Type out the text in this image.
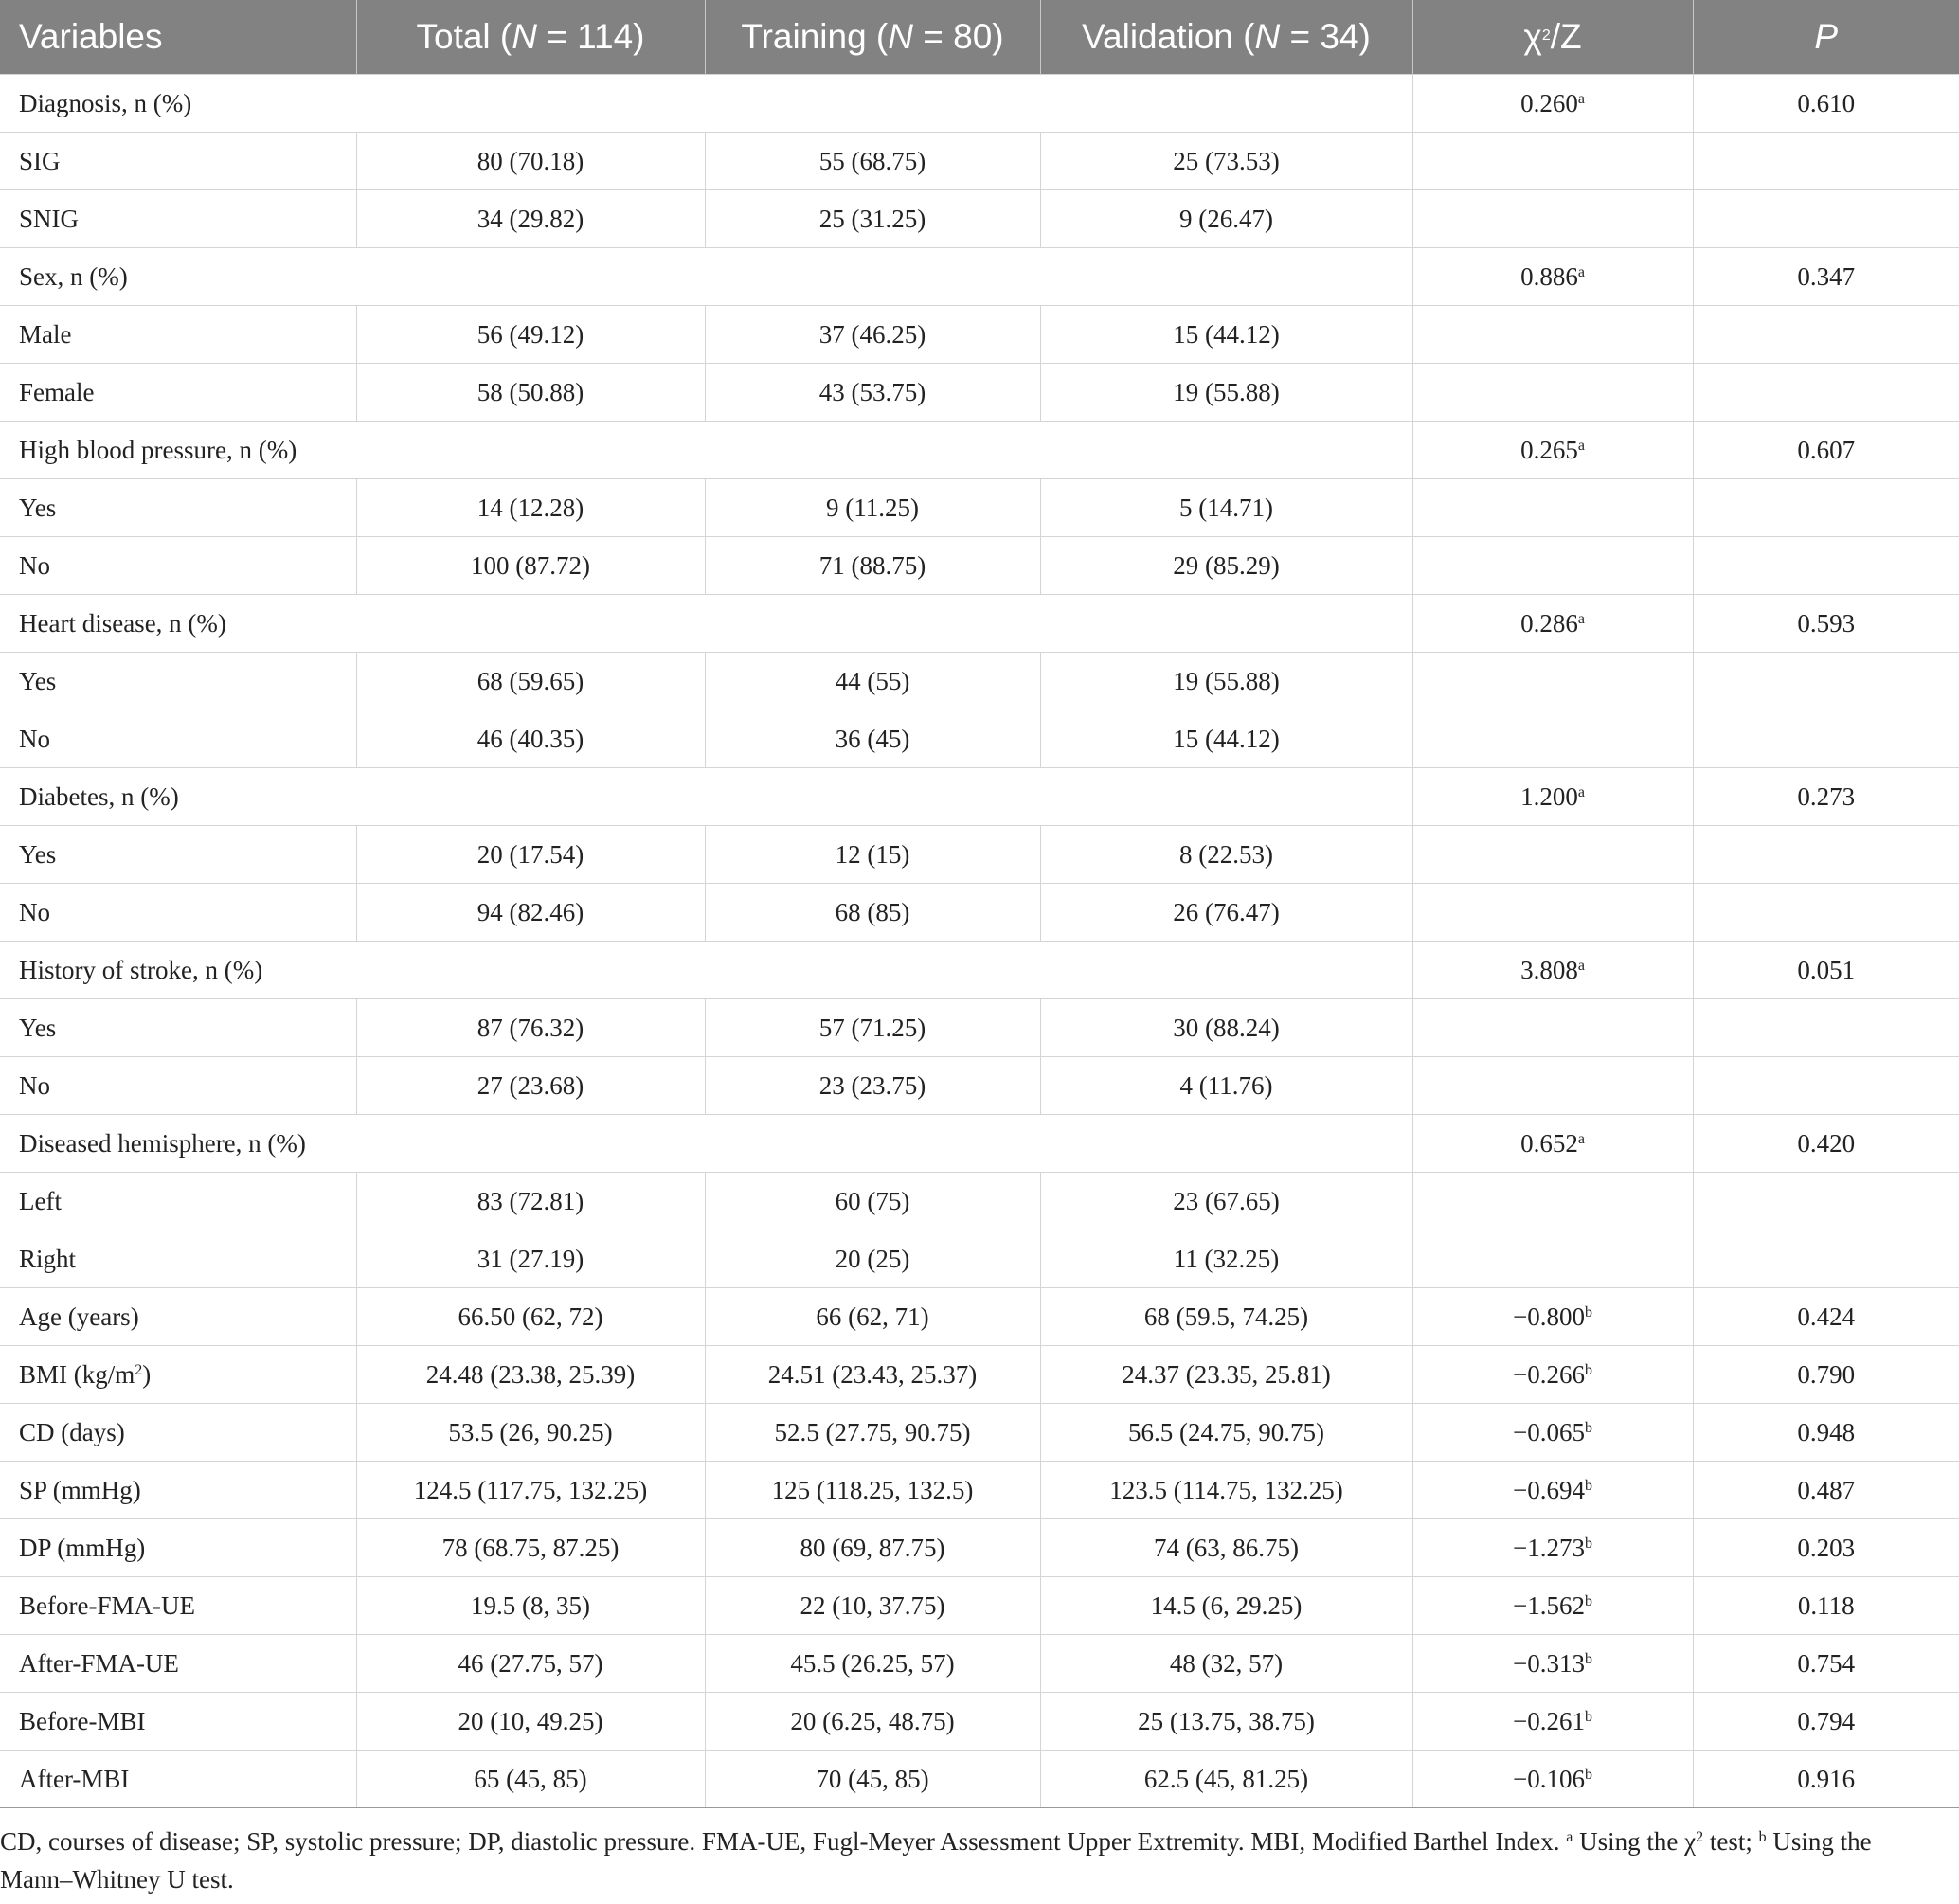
Variables	Total (N = 114)	Training (N = 80)	Validation (N = 34)	$\chi^2/Z$	P
Diagnosis, n (%)				0.260$^a$	0.610
SIG	80 (70.18)	55 (68.75)	25 (73.53)		
SNIG	34 (29.82)	25 (31.25)	9 (26.47)		
Sex, n (%)				0.886$^a$	0.347
Male	56 (49.12)	37 (46.25)	15 (44.12)		
Female	58 (50.88)	43 (53.75)	19 (55.88)		
High blood pressure, n (%)				0.265$^a$	0.607
Yes	14 (12.28)	9 (11.25)	5 (14.71)		
No	100 (87.72)	71 (88.75)	29 (85.29)		
Heart disease, n (%)				0.286$^a$	0.593
Yes	68 (59.65)	44 (55)	19 (55.88)		
No	46 (40.35)	36 (45)	15 (44.12)		
Diabetes, n (%)				1.200$^a$	0.273
Yes	20 (17.54)	12 (15)	8 (22.53)		
No	94 (82.46)	68 (85)	26 (76.47)		
History of stroke, n (%)				3.808$^a$	0.051
Yes	87 (76.32)	57 (71.25)	30 (88.24)		
No	27 (23.68)	23 (23.75)	4 (11.76)		
Diseased hemisphere, n (%)				0.652$^a$	0.420
Left	83 (72.81)	60 (75)	23 (67.65)		
Right	31 (27.19)	20 (25)	11 (32.25)		
Age (years)	66.50 (62, 72)	66 (62, 71)	68 (59.5, 74.25)	−0.800$^b$	0.424
BMI $(kg/m^2)$	24.48 (23.38, 25.39)	24.51 (23.43, 25.37)	24.37 (23.35, 25.81)	−0.266$^b$	0.790
CD (days)	53.5 (26, 90.25)	52.5 (27.75, 90.75)	56.5 (24.75, 90.75)	−0.065$^b$	0.948
SP (mmHg)	124.5 (117.75, 132.25)	125 (118.25, 132.5)	123.5 (114.75, 132.25)	−0.694$^b$	0.487
DP (mmHg)	78 (68.75, 87.25)	80 (69, 87.75)	74 (63, 86.75)	−1.273$^b$	0.203
Before-FMA-UE	19.5 (8, 35)	22 (10, 37.75)	14.5 (6, 29.25)	−1.562$^b$	0.118
After-FMA-UE	46 (27.75, 57)	45.5 (26.25, 57)	48 (32, 57)	−0.313$^b$	0.754
Before-MBI	20 (10, 49.25)	20 (6.25, 48.75)	25 (13.75, 38.75)	−0.261$^b$	0.794
After-MBI	65 (45, 85)	70 (45, 85)	62.5 (45, 81.25)	−0.106$^b$	0.916
CD, courses of disease; SP, systolic pressure; DP, diastolic pressure. FMA-UE, Fugl-Meyer Assessment Upper Extremity. MBI, Modified Barthel Index. $^a$ Using the $\chi^2$ test; $^b$ Using the Mann–Whitney U test.
